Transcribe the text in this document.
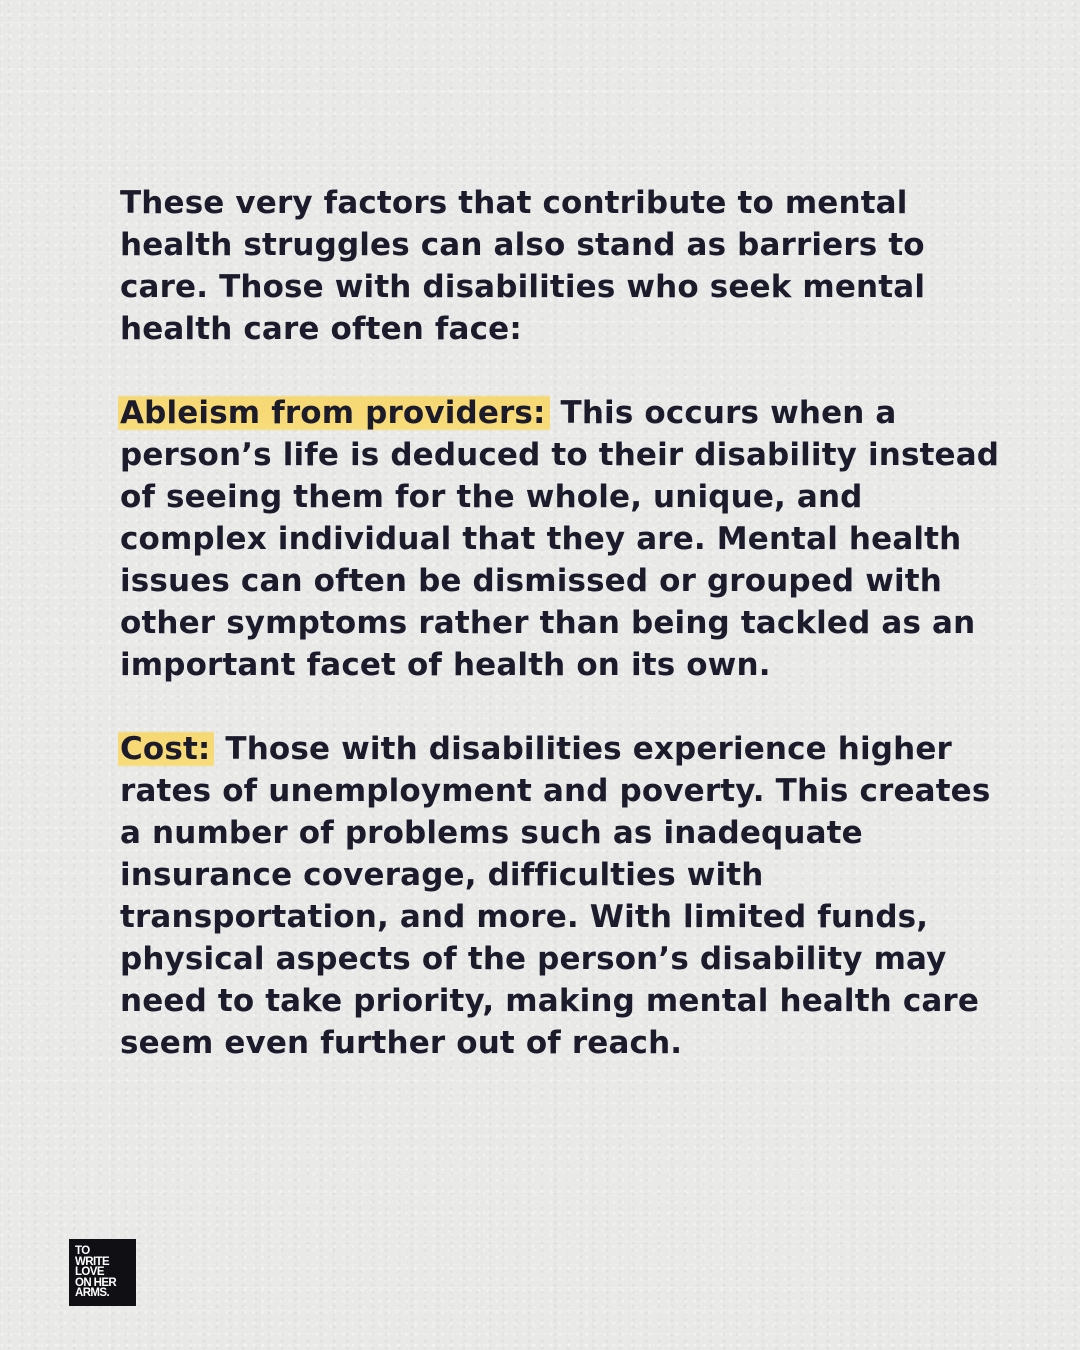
These very factors that contribute to mental
health struggles can also stand as barriers to
care. Those with disabilities who seek mental
health care often face:

Ableism from providers: This occurs when a
person’s life is deduced to their disability instead
of seeing them for the whole, unique, and
complex individual that they are. Mental health
issues can often be dismissed or grouped with
other symptoms rather than being tackled as an
important facet of health on its own.

Cost: Those with disabilities experience higher
rates of unemployment and poverty. This creates
a number of problems such as inadequate
insurance coverage, difficulties with
transportation, and more. With limited funds,
physical aspects of the person’s disability may
need to take priority, making mental health care
seem even further out of reach.

TO
WRITE
LOVE
ON HER
ARMS.
